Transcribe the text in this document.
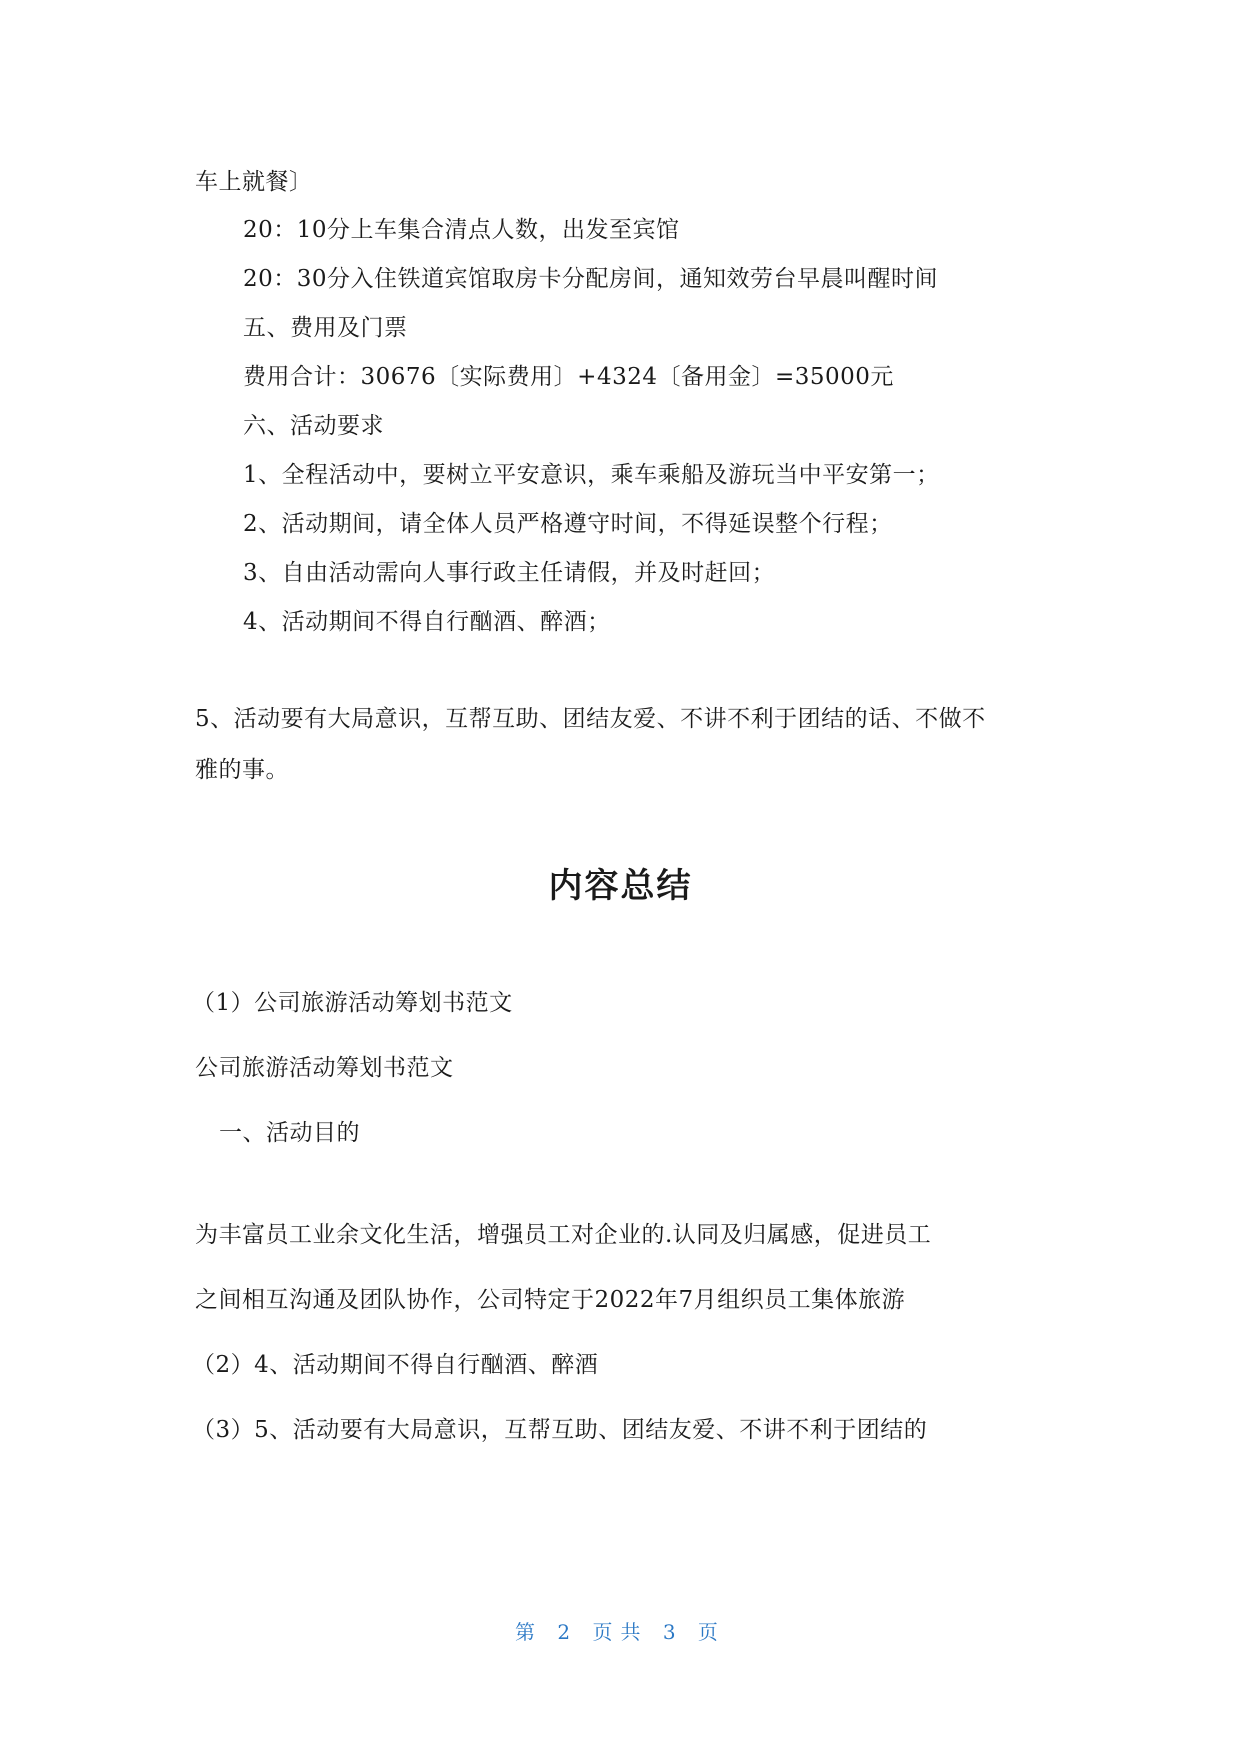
车上就餐〕
20：10分上车集合清点人数，出发至宾馆
20：30分入住铁道宾馆取房卡分配房间，通知效劳台早晨叫醒时间
五、费用及门票
费用合计：30676〔实际费用〕+4324〔备用金〕=35000元
六、活动要求
1、全程活动中，要树立平安意识，乘车乘船及游玩当中平安第一；
2、活动期间，请全体人员严格遵守时间，不得延误整个行程；
3、自由活动需向人事行政主任请假，并及时赶回；
4、活动期间不得自行酗酒、醉酒；
5、活动要有大局意识，互帮互助、团结友爱、不讲不利于团结的话、不做不
雅的事。
内容总结
（1）公司旅游活动筹划书范文
公司旅游活动筹划书范文
一、活动目的
为丰富员工业余文化生活，增强员工对企业的.认同及归属感，促进员工
之间相互沟通及团队协作，公司特定于2022年7月组织员工集体旅游
（2）4、活动期间不得自行酗酒、醉酒
（3）5、活动要有大局意识，互帮互助、团结友爱、不讲不利于团结的
第 2 页共 3 页
